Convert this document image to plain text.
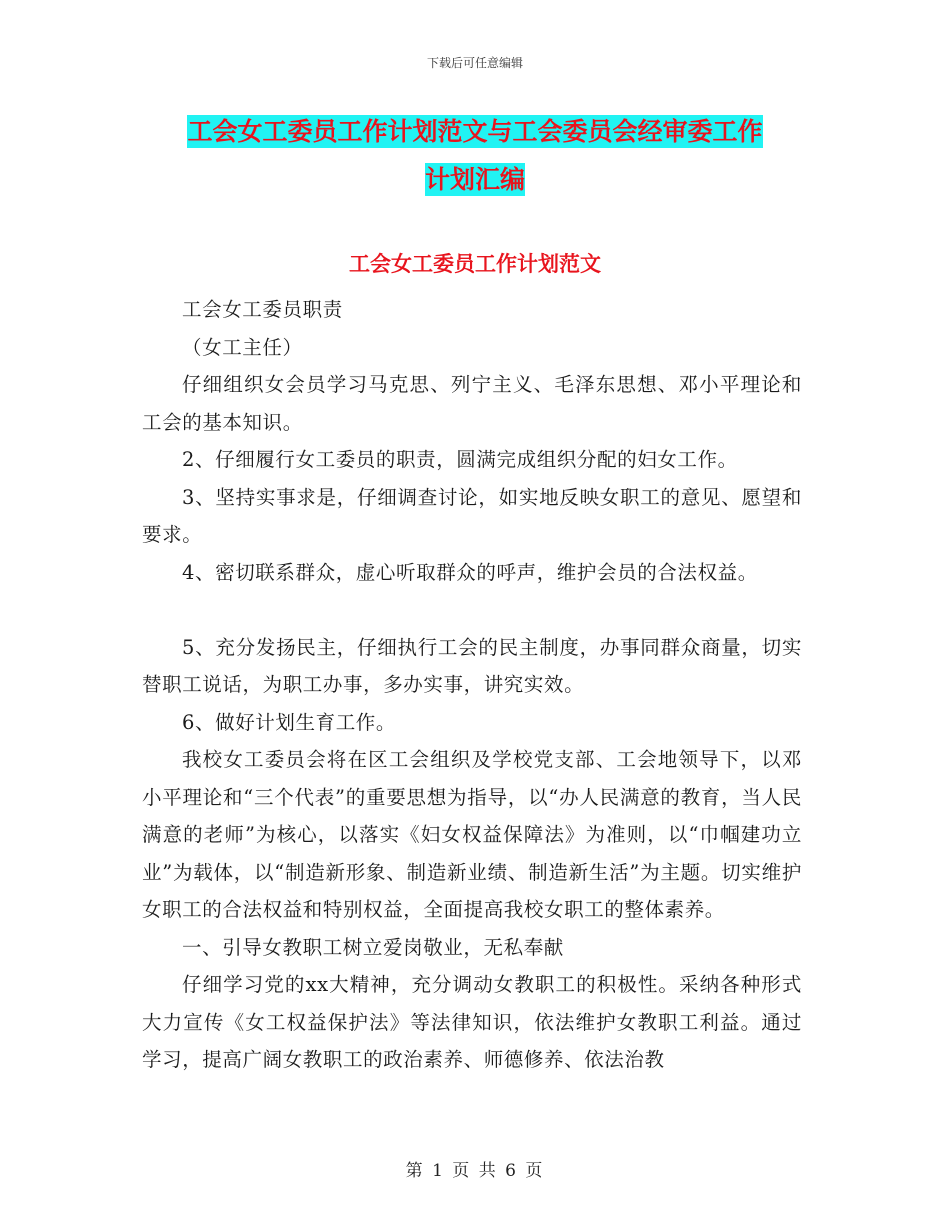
下载后可任意编辑
工会女工委员工作计划范文与工会委员会经审委工作
计划汇编
工会女工委员工作计划范文

工会女工委员职责

（女工主任）

仔细组织女会员学习马克思、列宁主义、毛泽东思想、邓小平理论和工会的基本知识。

2、仔细履行女工委员的职责，圆满完成组织分配的妇女工作。

3、坚持实事求是，仔细调查讨论，如实地反映女职工的意见、愿望和要求。

4、密切联系群众，虚心听取群众的呼声，维护会员的合法权益。

5、充分发扬民主，仔细执行工会的民主制度，办事同群众商量，切实替职工说话，为职工办事，多办实事，讲究实效。

6、做好计划生育工作。

我校女工委员会将在区工会组织及学校党支部、工会地领导下，以邓小平理论和“三个代表”的重要思想为指导，以“办人民满意的教育，当人民满意的老师”为核心，以落实《妇女权益保障法》为准则，以“巾帼建功立业”为载体，以“制造新形象、制造新业绩、制造新生活”为主题。切实维护女职工的合法权益和特别权益，全面提高我校女职工的整体素养。

一、引导女教职工树立爱岗敬业，无私奉献

仔细学习党的xx大精神，充分调动女教职工的积极性。采纳各种形式大力宣传《女工权益保护法》等法律知识，依法维护女教职工利益。通过学习，提高广阔女教职工的政治素养、师德修养、依法治教

第 1 页 共 6 页
